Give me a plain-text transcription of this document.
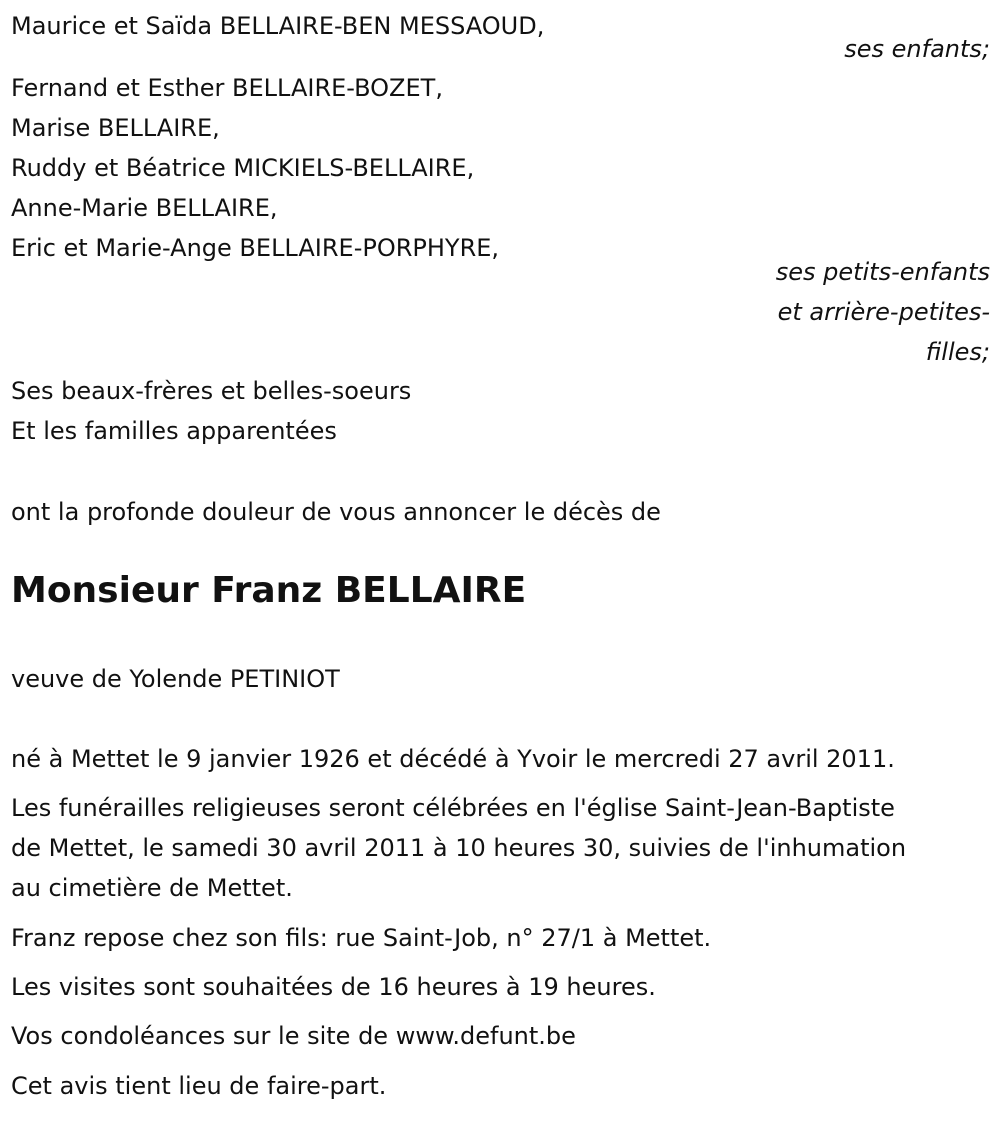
Maurice et Saïda BELLAIRE-BEN MESSAOUD,
ses enfants;
Fernand et Esther BELLAIRE-BOZET,
Marise BELLAIRE,
Ruddy et Béatrice MICKIELS-BELLAIRE,
Anne-Marie BELLAIRE,
Eric et Marie-Ange BELLAIRE-PORPHYRE,
ses petits-enfants
et arrière-petites-
filles;
Ses beaux-frères et belles-soeurs
Et les familles apparentées
ont la profonde douleur de vous annoncer le décès de
Monsieur Franz BELLAIRE
veuve de Yolende PETINIOT
né à Mettet le 9 janvier 1926 et décédé à Yvoir le mercredi 27 avril 2011.
Les funérailles religieuses seront célébrées en l'église Saint-Jean-Baptiste
de Mettet, le samedi 30 avril 2011 à 10 heures 30, suivies de l'inhumation
au cimetière de Mettet.
Franz repose chez son fils: rue Saint-Job, n° 27/1 à Mettet.
Les visites sont souhaitées de 16 heures à 19 heures.
Vos condoléances sur le site de www.defunt.be
Cet avis tient lieu de faire-part.
